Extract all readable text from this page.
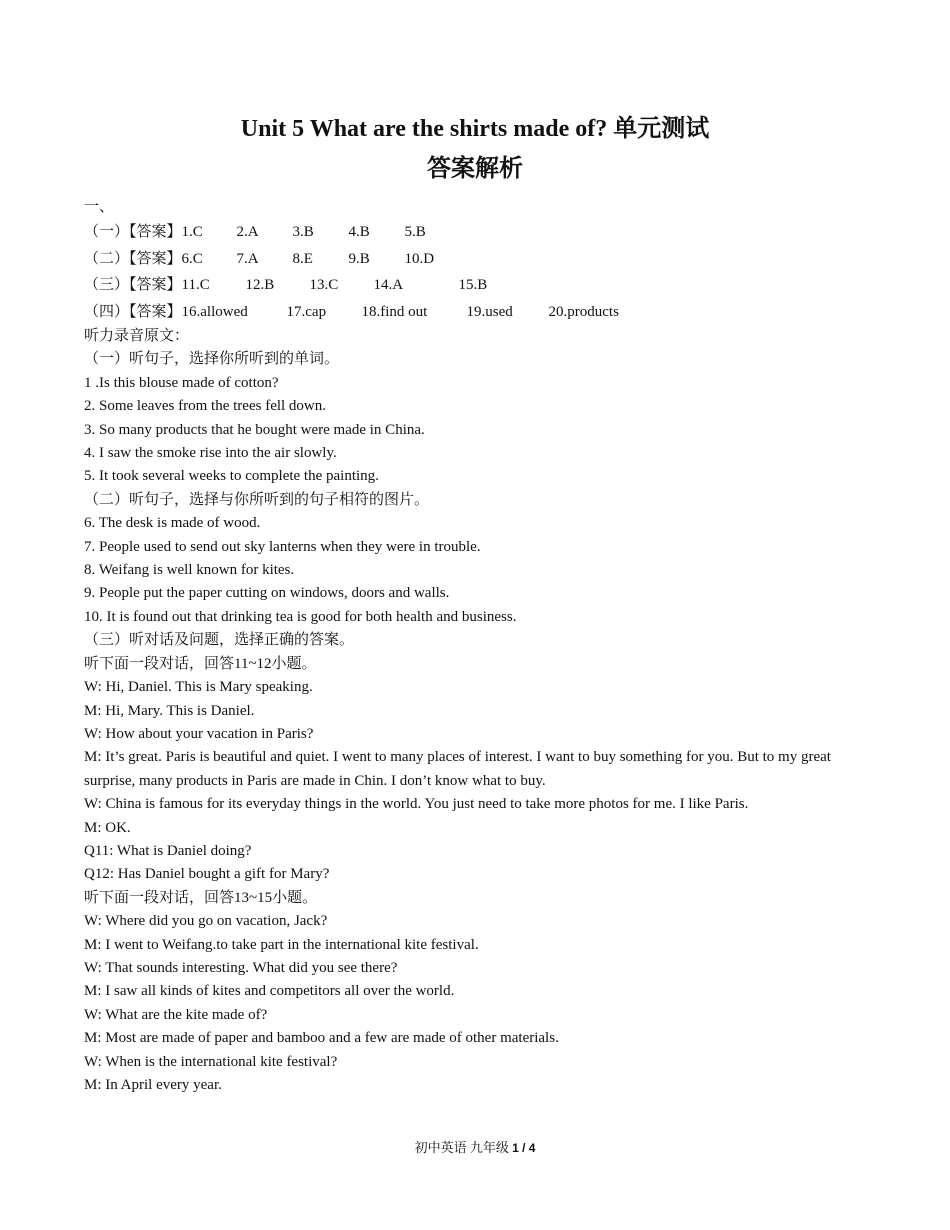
Unit 5 What are the shirts made of? 单元测试
答案解析

一、

（一）【答案】 1.C	2.A	3.B	4.B	5.B
（二）【答案】 6.C	7.A	8.E	9.B	10.D
（三）【答案】 11.C	12.B	13.C	14.A	15.B
（四）【答案】 16.allowed	17.cap	18.find out	19.used	20.products

听力录音原文：

（一）听句子，选择你所听到的单词。

1 .Is this blouse made of cotton?

2. Some leaves from the trees fell down.

3. So many products that he bought were made in China.

4. I saw the smoke rise into the air slowly.

5. It took several weeks to complete the painting.

（二）听句子，选择与你所听到的句子相符的图片。

6. The desk is made of wood.

7. People used to send out sky lanterns when they were in trouble.

8. Weifang is well known for kites.

9. People put the paper cutting on windows, doors and walls.

10. It is found out that drinking tea is good for both health and business.

（三）听对话及问题，选择正确的答案。

听下面一段对话，回答11~12小题。

W: Hi, Daniel. This is Mary speaking.

M: Hi, Mary. This is Daniel.

W: How about your vacation in Paris?

M: It’s great. Paris is beautiful and quiet. I went to many places of interest. I want to buy something for you. But to my great surprise, many products in Paris are made in Chin. I don’t know what to buy.

W: China is famous for its everyday things in the world. You just need to take more photos for me. I like Paris.

M: OK.

Q11: What is Daniel doing?

Q12: Has Daniel bought a gift for Mary?

听下面一段对话，回答13~15小题。

W: Where did you go on vacation, Jack?

M: I went to Weifang.to take part in the international kite festival.

W: That sounds interesting. What did you see there?

M: I saw all kinds of kites and competitors all over the world.

W: What are the kite made of?

M: Most are made of paper and bamboo and a few are made of other materials.

W: When is the international kite festival?

M: In April every year.

初中英语 九年级 1 / 4
